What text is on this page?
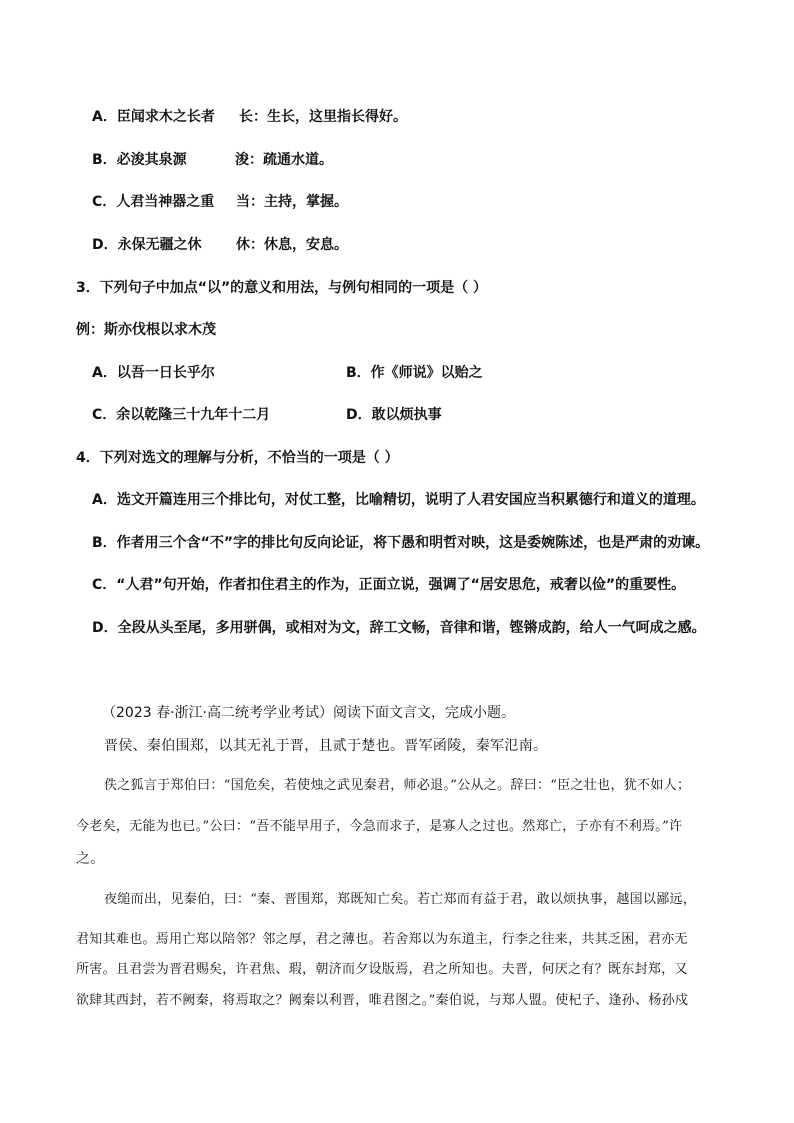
A．臣闻求木之长者 长：生长，这里指长得好。
B．必浚其泉源	浚：疏通水道。
C．人君当神器之重 当：主持，掌握。
D．永保无疆之休 休：休息，安息。
3．下列句子中加点“以”的意义和用法，与例句相同的一项是（ ）
例：斯亦伐根以求木茂
A．以吾一日长乎尔	B．作《师说》以贻之
C．余以乾隆三十九年十二月	D．敢以烦执事
4．下列对选文的理解与分析，不恰当的一项是（ ）
A．选文开篇连用三个排比句，对仗工整，比喻精切，说明了人君安国应当积累德行和道义的道理。
B．作者用三个含“不”字的排比句反向论证，将下愚和明哲对映，这是委婉陈述，也是严肃的劝谏。
C．“人君”句开始，作者扣住君主的作为，正面立说，强调了“居安思危，戒奢以俭”的重要性。
D．全段从头至尾，多用骈偶，或相对为文，辞工文畅，音律和谐，铿锵成韵，给人一气呵成之感。
（2023 春·浙江·高二统考学业考试）阅读下面文言文，完成小题。
晋侯、秦伯围郑，以其无礼于晋，且贰于楚也。晋军函陵，秦军氾南。
佚之狐言于郑伯曰：“国危矣，若使烛之武见秦君，师必退。”公从之。辞曰：“臣之壮也，犹不如人；
今老矣，无能为也已。”公曰：“吾不能早用子，今急而求子，是寡人之过也。然郑亡，子亦有不利焉。”许
之。
夜缒而出，见秦伯，曰：“秦、晋围郑，郑既知亡矣。若亡郑而有益于君，敢以烦执事，越国以鄙远，
君知其难也。焉用亡郑以陪邻？邻之厚，君之薄也。若舍郑以为东道主，行李之往来，共其乏困，君亦无
所害。且君尝为晋君赐矣，许君焦、瑕，朝济而夕设版焉，君之所知也。夫晋，何厌之有？既东封郑，又
欲肆其西封，若不阙秦，将焉取之？阙秦以利晋，唯君图之。”秦伯说，与郑人盟。使杞子、逢孙、杨孙戍
